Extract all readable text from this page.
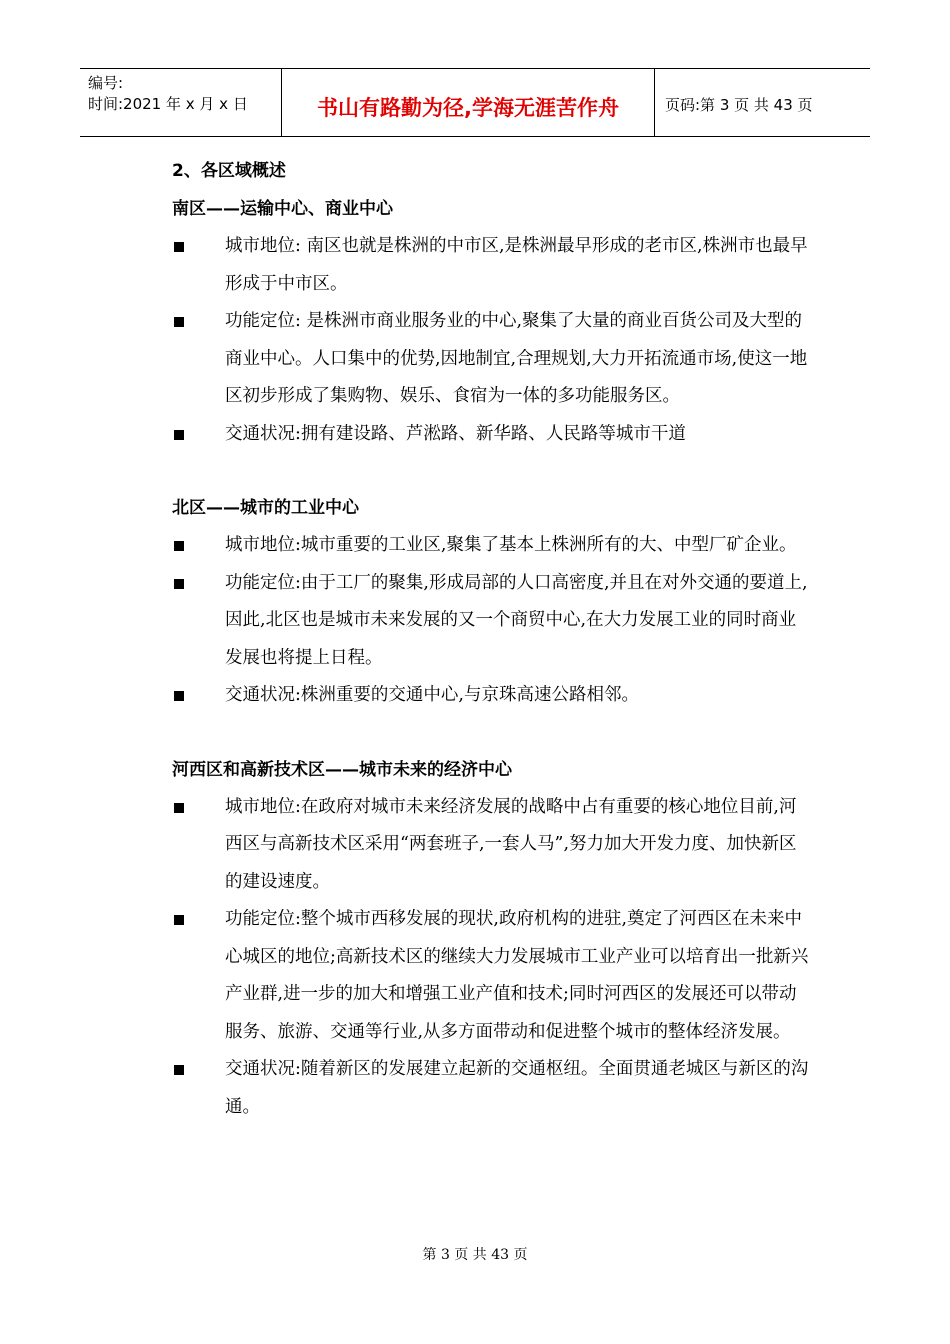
编号:
时间:2021 年 x 月 x 日	书山有路勤为径,学海无涯苦作舟	页码:第 3 页 共 43 页
2、各区域概述
南区——运输中心、商业中心
城市地位: 南区也就是株洲的中市区,是株洲最早形成的老市区,株洲市也最早形成于中市区。
功能定位: 是株洲市商业服务业的中心,聚集了大量的商业百货公司及大型的商业中心。人口集中的优势,因地制宜,合理规划,大力开拓流通市场,使这一地区初步形成了集购物、娱乐、食宿为一体的多功能服务区。
交通状况:拥有建设路、芦淞路、新华路、人民路等城市干道
北区——城市的工业中心
城市地位:城市重要的工业区,聚集了基本上株洲所有的大、中型厂矿企业。
功能定位:由于工厂的聚集,形成局部的人口高密度,并且在对外交通的要道上,因此,北区也是城市未来发展的又一个商贸中心,在大力发展工业的同时商业发展也将提上日程。
交通状况:株洲重要的交通中心,与京珠高速公路相邻。
河西区和高新技术区——城市未来的经济中心
城市地位:在政府对城市未来经济发展的战略中占有重要的核心地位目前,河西区与高新技术区采用“两套班子,一套人马”,努力加大开发力度、加快新区的建设速度。
功能定位:整个城市西移发展的现状,政府机构的进驻,奠定了河西区在未来中心城区的地位;高新技术区的继续大力发展城市工业产业可以培育出一批新兴产业群,进一步的加大和增强工业产值和技术;同时河西区的发展还可以带动服务、旅游、交通等行业,从多方面带动和促进整个城市的整体经济发展。
交通状况:随着新区的发展建立起新的交通枢纽。全面贯通老城区与新区的沟通。
第 3 页 共 43 页
